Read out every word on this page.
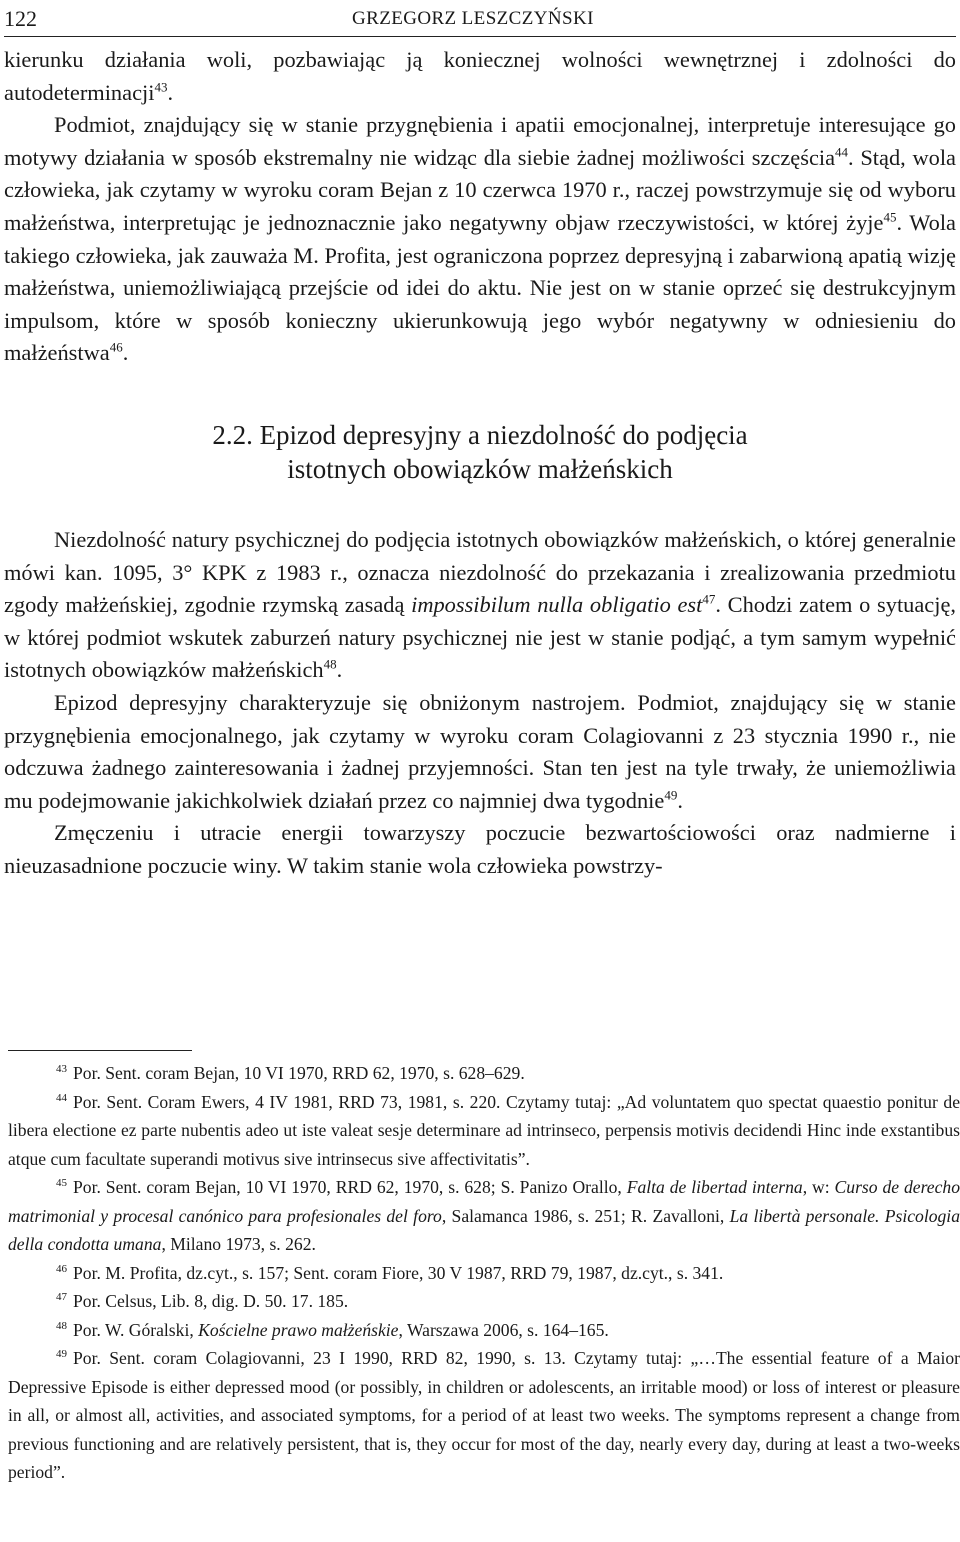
122	GRZEGORZ LESZCZYŃSKI

kierunku działania woli, pozbawiając ją koniecznej wolności wewnętrznej i zdolności do autodeterminacji$^{43}$.

Podmiot, znajdujący się w stanie przygnębienia i apatii emocjonalnej, interpretuje interesujące go motywy działania w sposób ekstremalny nie widząc dla siebie żadnej możliwości szczęścia$^{44}$. Stąd, wola człowieka, jak czytamy w wyroku coram Bejan z 10 czerwca 1970 r., raczej powstrzymuje się od wyboru małżeństwa, interpretując je jednoznacznie jako negatywny objaw rzeczywistości, w której żyje$^{45}$. Wola takiego człowieka, jak zauważa M. Profita, jest ograniczona poprzez depresyjną i zabarwioną apatią wizję małżeństwa, uniemożliwiającą przejście od idei do aktu. Nie jest on w stanie oprzeć się destrukcyjnym impulsom, które w sposób konieczny ukierunkowują jego wybór negatywny w odniesieniu do małżeństwa$^{46}$.

2.2. Epizod depresyjny a niezdolność do podjęcia
istotnych obowiązków małżeńskich

Niezdolność natury psychicznej do podjęcia istotnych obowiązków małżeńskich, o której generalnie mówi kan. 1095, 3° KPK z 1983 r., oznacza niezdolność do przekazania i zrealizowania przedmiotu zgody małżeńskiej, zgodnie rzymską zasadą impossibilum nulla obligatio est$^{47}$. Chodzi zatem o sytuację, w której podmiot wskutek zaburzeń natury psychicznej nie jest w stanie podjąć, a tym samym wypełnić istotnych obowiązków małżeńskich$^{48}$.

Epizod depresyjny charakteryzuje się obniżonym nastrojem. Podmiot, znajdujący się w stanie przygnębienia emocjonalnego, jak czytamy w wyroku coram Colagiovanni z 23 stycznia 1990 r., nie odczuwa żadnego zainteresowania i żadnej przyjemności. Stan ten jest na tyle trwały, że uniemożliwia mu podejmowanie jakichkolwiek działań przez co najmniej dwa tygodnie$^{49}$.

Zmęczeniu i utracie energii towarzyszy poczucie bezwartościowości oraz nadmierne i nieuzasadnione poczucie winy. W takim stanie wola człowieka powstrzy-

$^{43}$ Por. Sent. coram Bejan, 10 VI 1970, RRD 62, 1970, s. 628–629.

$^{44}$ Por. Sent. Coram Ewers, 4 IV 1981, RRD 73, 1981, s. 220. Czytamy tutaj: „Ad voluntatem quo spectat quaestio ponitur de libera electione ez parte nubentis adeo ut iste valeat sesje determinare ad intrinseco, perpensis motivis decidendi Hinc inde exstantibus atque cum facultate superandi motivus sive intrinsecus sive affectivitatis”.

$^{45}$ Por. Sent. coram Bejan, 10 VI 1970, RRD 62, 1970, s. 628; S. Panizo Orallo, Falta de libertad interna, w: Curso de derecho matrimonial y procesal canónico para profesionales del foro, Salamanca 1986, s. 251; R. Zavalloni, La libertà personale. Psicologia della condotta umana, Milano 1973, s. 262.

$^{46}$ Por. M. Profita, dz.cyt., s. 157; Sent. coram Fiore, 30 V 1987, RRD 79, 1987, dz.cyt., s. 341.

$^{47}$ Por. Celsus, Lib. 8, dig. D. 50. 17. 185.

$^{48}$ Por. W. Góralski, Kościelne prawo małżeńskie, Warszawa 2006, s. 164–165.

$^{49}$ Por. Sent. coram Colagiovanni, 23 I 1990, RRD 82, 1990, s. 13. Czytamy tutaj: „…The essential feature of a Maior Depressive Episode is either depressed mood (or possibly, in children or adolescents, an irritable mood) or loss of interest or pleasure in all, or almost all, activities, and associated symptoms, for a period of at least two weeks. The symptoms represent a change from previous functioning and are relatively persistent, that is, they occur for most of the day, nearly every day, during at least a two-weeks period”.
